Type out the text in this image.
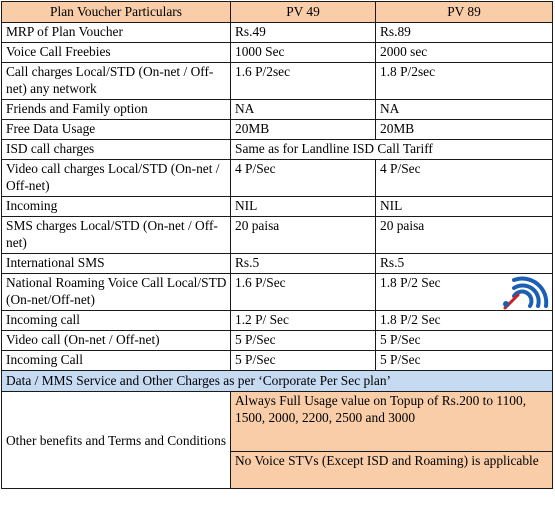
Plan Voucher Particulars	PV 49	PV 89
MRP of Plan Voucher	Rs.49	Rs.89
Voice Call Freebies	1000 Sec	2000 sec
Call charges Local/STD (On-net / Off-net) any network	1.6 P/2sec	1.8 P/2sec
Friends and Family option	NA	NA
Free Data Usage	20MB	20MB
ISD call charges	Same as for Landline ISD Call Tariff	
Video call charges Local/STD (On-net / Off-net)	4 P/Sec	4 P/Sec
Incoming	NIL	NIL
SMS charges Local/STD (On-net / Off-net)	20 paisa	20 paisa
International SMS	Rs.5	Rs.5
National Roaming Voice Call Local/STD (On-net/Off-net)	1.6 P/Sec	1.8 P/2 Sec
Incoming call	1.2 P/ Sec	1.8 P/2 Sec
Video call (On-net / Off-net)	5 P/Sec	5 P/Sec
Incoming Call	5 P/Sec	5 P/Sec
Data / MMS Service and Other Charges as per ‘Corporate Per Sec plan’		
Other benefits and Terms and Conditions	Always Full Usage value on Topup of Rs.200 to 1100, 1500, 2000, 2200, 2500 and 3000	
	No Voice STVs (Except ISD and Roaming) is applicable	
